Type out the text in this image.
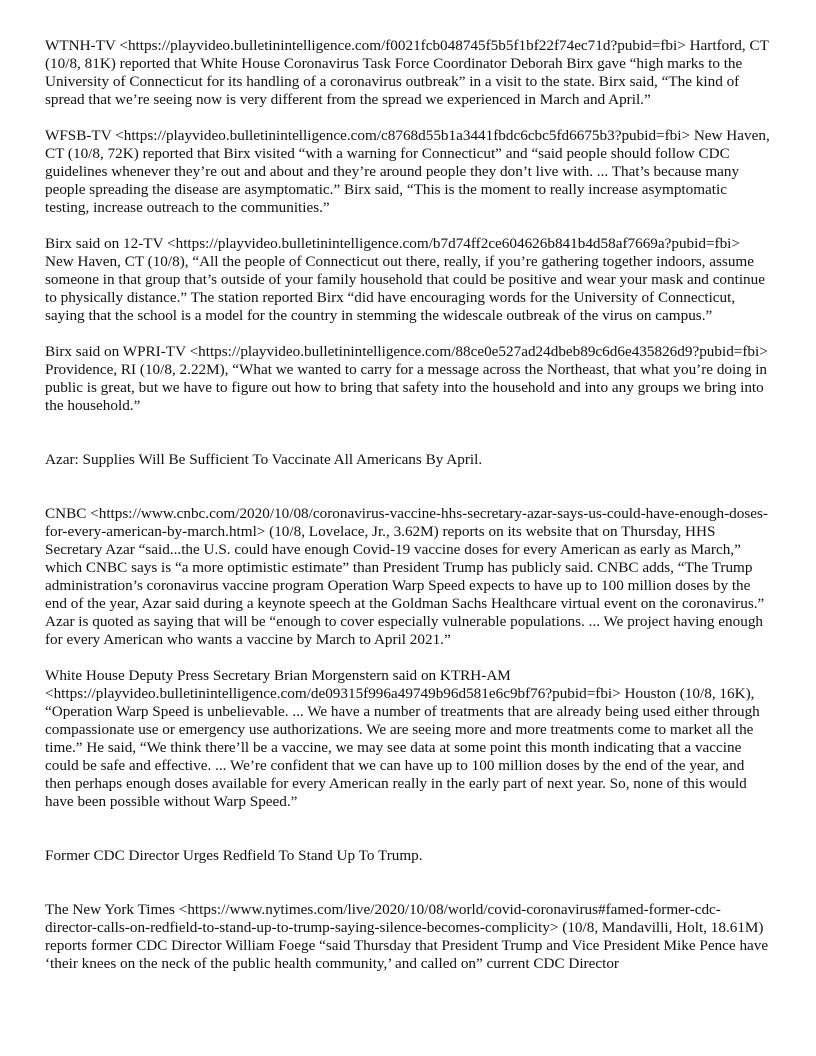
WTNH-TV <https://playvideo.bulletinintelligence.com/f0021fcb048745f5b5f1bf22f74ec71d?pubid=fbi> Hartford, CT (10/8, 81K) reported that White House Coronavirus Task Force Coordinator Deborah Birx gave “high marks to the University of Connecticut for its handling of a coronavirus outbreak” in a visit to the state. Birx said, “The kind of spread that we’re seeing now is very different from the spread we experienced in March and April.”

WFSB-TV <https://playvideo.bulletinintelligence.com/c8768d55b1a3441fbdc6cbc5fd6675b3?pubid=fbi> New Haven, CT (10/8, 72K) reported that Birx visited “with a warning for Connecticut” and “said people should follow CDC guidelines whenever they’re out and about and they’re around people they don’t live with. ... That’s because many people spreading the disease are asymptomatic.” Birx said, “This is the moment to really increase asymptomatic testing, increase outreach to the communities.”

Birx said on 12-TV <https://playvideo.bulletinintelligence.com/b7d74ff2ce604626b841b4d58af7669a?pubid=fbi> New Haven, CT (10/8), “All the people of Connecticut out there, really, if you’re gathering together indoors, assume someone in that group that’s outside of your family household that could be positive and wear your mask and continue to physically distance.” The station reported Birx “did have encouraging words for the University of Connecticut, saying that the school is a model for the country in stemming the widescale outbreak of the virus on campus.”

Birx said on WPRI-TV <https://playvideo.bulletinintelligence.com/88ce0e527ad24dbeb89c6d6e435826d9?pubid=fbi> Providence, RI (10/8, 2.22M), “What we wanted to carry for a message across the Northeast, that what you’re doing in public is great, but we have to figure out how to bring that safety into the household and into any groups we bring into the household.”

Azar: Supplies Will Be Sufficient To Vaccinate All Americans By April.

CNBC <https://www.cnbc.com/2020/10/08/coronavirus-vaccine-hhs-secretary-azar-says-us-could-have-enough-doses-for-every-american-by-march.html> (10/8, Lovelace, Jr., 3.62M) reports on its website that on Thursday, HHS Secretary Azar “said...the U.S. could have enough Covid-19 vaccine doses for every American as early as March,” which CNBC says is “a more optimistic estimate” than President Trump has publicly said. CNBC adds, “The Trump administration’s coronavirus vaccine program Operation Warp Speed expects to have up to 100 million doses by the end of the year, Azar said during a keynote speech at the Goldman Sachs Healthcare virtual event on the coronavirus.” Azar is quoted as saying that will be “enough to cover especially vulnerable populations. ... We project having enough for every American who wants a vaccine by March to April 2021.”

White House Deputy Press Secretary Brian Morgenstern said on KTRH-AM <https://playvideo.bulletinintelligence.com/de09315f996a49749b96d581e6c9bf76?pubid=fbi> Houston (10/8, 16K), “Operation Warp Speed is unbelievable. ... We have a number of treatments that are already being used either through compassionate use or emergency use authorizations. We are seeing more and more treatments come to market all the time.” He said, “We think there’ll be a vaccine, we may see data at some point this month indicating that a vaccine could be safe and effective. ... We’re confident that we can have up to 100 million doses by the end of the year, and then perhaps enough doses available for every American really in the early part of next year. So, none of this would have been possible without Warp Speed.”

Former CDC Director Urges Redfield To Stand Up To Trump.

The New York Times <https://www.nytimes.com/live/2020/10/08/world/covid-coronavirus#famed-former-cdc-director-calls-on-redfield-to-stand-up-to-trump-saying-silence-becomes-complicity> (10/8, Mandavilli, Holt, 18.61M) reports former CDC Director William Foege “said Thursday that President Trump and Vice President Mike Pence have ‘their knees on the neck of the public health community,’ and called on” current CDC Director
